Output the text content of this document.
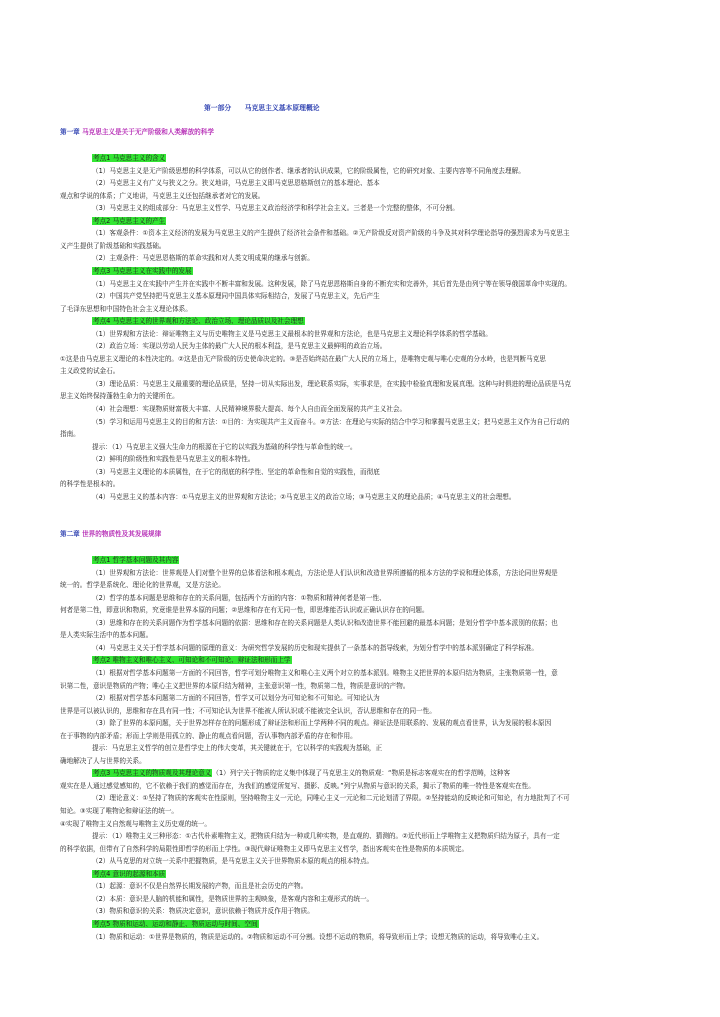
第一部分　　马克思主义基本原理概论
第一章 马克思主义是关于无产阶级和人类解放的科学
考点1 马克思主义的含义
（1）马克思主义是无产阶级思想的科学体系，可以从它的创作者、继承者的认识成果，它的阶级属性，它的研究对象、主要内容等不同角度去理解。
（2）马克思主义有广义与狭义之分。狭义地讲，马克思主义即马克思恩格斯创立的基本理论、基本
观点和学说的体系；广义地讲，马克思主义还包括继承者对它的发展。
（3）马克思主义的组成部分：马克思主义哲学、马克思主义政治经济学和科学社会主义。三者是一个完整的整体，不可分割。
考点2 马克思主义的产生
（1）客观条件：①资本主义经济的发展为马克思主义的产生提供了经济社会条件和基础。②无产阶级反对资产阶级的斗争及其对科学理论指导的强烈需求为马克思主
义产生提供了阶级基础和实践基础。
（2）主观条件：马克思恩格斯的革命实践和对人类文明成果的继承与创新。
考点3 马克思主义在实践中的发展
（1）马克思主义在实践中产生并在实践中不断丰富和发展。这种发展，除了马克思恩格斯自身的不断充实和完善外，其后首先是由列宁等在领导俄国革命中实现的。
（2）中国共产党坚持把马克思主义基本原理同中国具体实际相结合，发展了马克思主义，先后产生
了毛泽东思想和中国特色社会主义理论体系。
考点4 马克思主义的世界观和方法论、政治立场、理论品质以及社会理想
（1）世界观和方法论：辩证唯物主义与历史唯物主义是马克思主义最根本的世界观和方法论，也是马克思主义理论科学体系的哲学基础。
（2）政治立场：实现以劳动人民为主体的最广大人民的根本利益，是马克思主义最鲜明的政治立场。
①这是由马克思主义理论的本性决定的。②这是由无产阶级的历史使命决定的。③是否始终站在最广大人民的立场上，是唯物史观与唯心史观的分水岭，也是判断马克思
主义政党的试金石。
（3）理论品质：马克思主义最重要的理论品质是，坚持一切从实际出发，理论联系实际，实事求是，在实践中检验真理和发展真理。这种与时俱进的理论品质是马克
思主义始终保持蓬勃生命力的关键所在。
（4）社会理想：实现物质财富极大丰富、人民精神境界极大提高、每个人自由而全面发展的共产主义社会。
（5）学习和运用马克思主义的目的和方法：①目的：为实现共产主义而奋斗。②方法：在理论与实际的结合中学习和掌握马克思主义；把马克思主义作为自己行动的
指南。
提示：（1）马克思主义强大生命力的根源在于它的以实践为基础的科学性与革命性的统一。
（2）鲜明的阶级性和实践性是马克思主义的根本特性。
（3）马克思主义理论的本质属性，在于它的彻底的科学性、坚定的革命性和自觉的实践性，而彻底
的科学性是根本的。
（4）马克思主义的基本内容：①马克思主义的世界观和方法论；②马克思主义的政治立场；③马克思主义的理论品质；④马克思主义的社会理想。
第二章 世界的物质性及其发展规律
考点1 哲学基本问题及其内容
（1）世界观和方法论：世界观是人们对整个世界的总体看法和根本观点，方法论是人们认识和改造世界所遵循的根本方法的学说和理论体系，方法论同世界观是
统一的。哲学是系统化、理论化的世界观，又是方法论。
（2）哲学的基本问题是思维和存在的关系问题，包括两个方面的内容：①物质和精神何者是第一性、
何者是第二性，即意识和物质，究竟谁是世界本原的问题；②思维和存在有无同一性，即思维能否认识或正确认识存在的问题。
（3）思维和存在的关系问题作为哲学基本问题的依据：思维和存在的关系问题是人类认识和改造世界不能回避的最基本问题；是划分哲学中基本派别的依据；也
是人类实际生活中的基本问题。
（4）马克思主义关于哲学基本问题的原理的意义：为研究哲学发展的历史和现实提供了一条基本的指导线索，为划分哲学中的基本派别确定了科学标准。
考点2 唯物主义和唯心主义、可知论和不可知论、辩证法和形而上学
（1）根据对哲学基本问题第一方面的不同回答，哲学可划分唯物主义和唯心主义两个对立的基本派别。唯物主义把世界的本原归结为物质，主张物质第一性，意
识第二性，意识是物质的产物；唯心主义把世界的本原归结为精神，主张意识第一性，物质第二性，物质是意识的产物。
（2）根据对哲学基本问题第二方面的不同回答，哲学又可以划分为可知论和不可知论。可知论认为
世界是可以被认识的，思维和存在具有同一性；不可知论认为世界不能被人所认识或不能被完全认识，否认思维和存在的同一性。
（3）除了世界的本原问题，关于世界怎样存在的问题形成了辩证法和形而上学两种不同的观点。辩证法是用联系的、发展的观点看世界，认为发展的根本原因
在于事物的内部矛盾；形而上学则是用孤立的、静止的观点看问题，否认事物内部矛盾的存在和作用。
提示：马克思主义哲学的创立是哲学史上的伟大变革，其关键就在于，它以科学的实践观为基础，正
确地解决了人与世界的关系。
考点3 马克思主义的物质观及其理论意义（1）列宁关于物质的定义集中体现了马克思主义的物质观：“物质是标志客观实在的哲学范畴，这种客
观实在是人通过感觉感知的，它不依赖于我们的感觉而存在，为我们的感觉所复写、摄影、反映。”列宁从物质与意识的关系，揭示了物质的唯一特性是客观实在性。
（2）理论意义：①坚持了物质的客观实在性原则，坚持唯物主义一元论，同唯心主义一元论和二元论划清了界限。②坚持能动的反映论和可知论，有力地批判了不可
知论。③实现了唯物论和辩证法的统一。
④实现了唯物主义自然观与唯物主义历史观的统一。
提示：（1）唯物主义三种形态：①古代朴素唯物主义，把物质归结为一种或几种实物，是直观的、猜测的。②近代形而上学唯物主义把物质归结为原子，具有一定
的科学依据，但带有了自然科学的局限性即哲学的形而上学性。③现代辩证唯物主义即马克思主义哲学，指出客观实在性是物质的本质规定。
（2）从马克思的对立统一关系中把握物质，是马克思主义关于世界物质本原的观点的根本特点。
考点4 意识的起源和本质
（1）起源：意识不仅是自然界长期发展的产物，而且是社会历史的产物。
（2）本质：意识是人脑的机能和属性，是物质世界的主观映象，是客观内容和主观形式的统一。
（3）物质和意识的关系：物质决定意识，意识依赖于物质并反作用于物质。
考点5 物质和运动、运动和静止、物质运动与时间、空间
（1）物质和运动：①世界是物质的，物质是运动的。②物质和运动不可分割。设想不运动的物质，将导致形而上学；设想无物质的运动，将导致唯心主义。
